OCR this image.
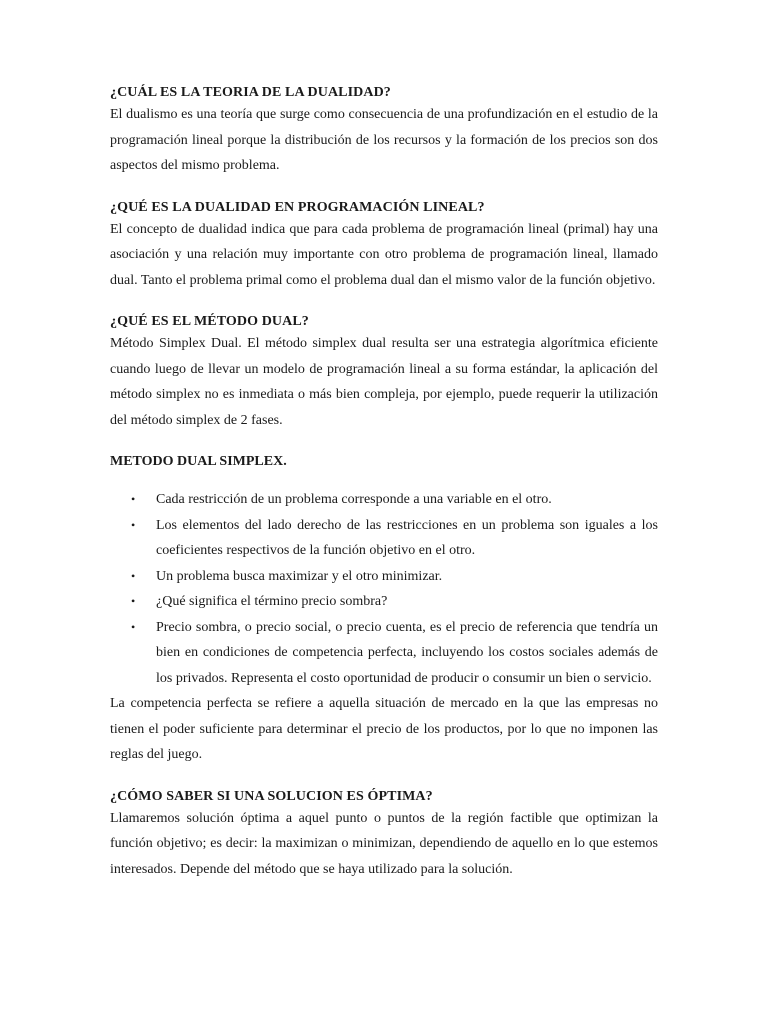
¿CUÁL ES LA TEORIA DE LA DUALIDAD?

El dualismo es una teoría que surge como consecuencia de una profundización en el estudio de la programación lineal porque la distribución de los recursos y la formación de los precios son dos aspectos del mismo problema.

¿QUÉ ES LA DUALIDAD EN PROGRAMACIÓN LINEAL?

El concepto de dualidad indica que para cada problema de programación lineal (primal) hay una asociación y una relación muy importante con otro problema de programación lineal, llamado dual. Tanto el problema primal como el problema dual dan el mismo valor de la función objetivo.

¿QUÉ ES EL MÉTODO DUAL?

Método Simplex Dual. El método simplex dual resulta ser una estrategia algorítmica eficiente cuando luego de llevar un modelo de programación lineal a su forma estándar, la aplicación del método simplex no es inmediata o más bien compleja, por ejemplo, puede requerir la utilización del método simplex de 2 fases.

METODO DUAL SIMPLEX.
• Cada restricción de un problema corresponde a una variable en el otro.
• Los elementos del lado derecho de las restricciones en un problema son iguales a los coeficientes respectivos de la función objetivo en el otro.
• Un problema busca maximizar y el otro minimizar.
• ¿Qué significa el término precio sombra?
• Precio sombra, o precio social, o precio cuenta, es el precio de referencia que tendría un bien en condiciones de competencia perfecta, incluyendo los costos sociales además de los privados. Representa el costo oportunidad de producir o consumir un bien o servicio.

La competencia perfecta se refiere a aquella situación de mercado en la que las empresas no tienen el poder suficiente para determinar el precio de los productos, por lo que no imponen las reglas del juego.

¿CÓMO SABER SI UNA SOLUCION ES ÓPTIMA?

Llamaremos solución óptima a aquel punto o puntos de la región factible que optimizan la función objetivo; es decir: la maximizan o minimizan, dependiendo de aquello en lo que estemos interesados. Depende del método que se haya utilizado para la solución.
